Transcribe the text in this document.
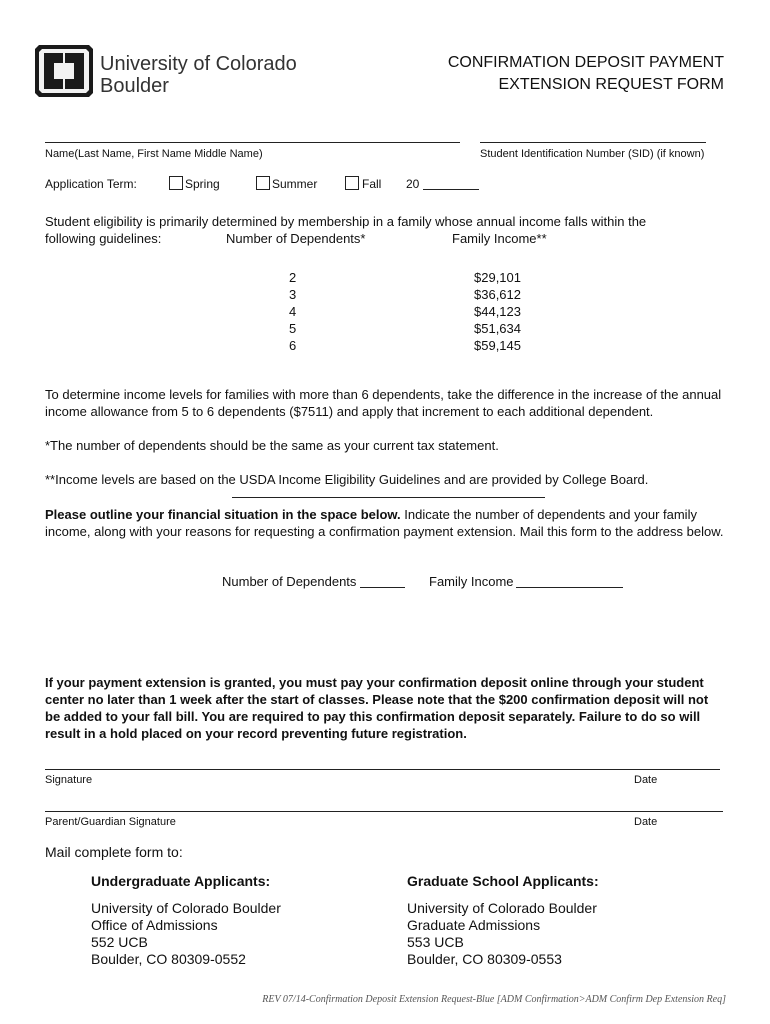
University of Colorado
Boulder
CONFIRMATION DEPOSIT PAYMENT
EXTENSION REQUEST FORM
Name(Last Name, First Name Middle Name)	Student Identification Number (SID) (if known)
Application Term:	Spring	Summer	Fall 20
Student eligibility is primarily determined by membership in a family whose annual income falls within the
following guidelines:	Number of Dependents*	Family Income**
2	$29,101
3	$36,612
4	$44,123
5	$51,634
6	$59,145
To determine income levels for families with more than 6 dependents, take the difference in the increase of the annual income allowance from 5 to 6 dependents ($7511) and apply that increment to each additional dependent.
*The number of dependents should be the same as your current tax statement.
**Income levels are based on the USDA Income Eligibility Guidelines and are provided by College Board.
Please outline your financial situation in the space below. Indicate the number of dependents and your family income, along with your reasons for requesting a confirmation payment extension. Mail this form to the address below.
Number of Dependents	Family Income
If your payment extension is granted, you must pay your confirmation deposit online through your student center no later than 1 week after the start of classes. Please note that the $200 confirmation deposit will not be added to your fall bill. You are required to pay this confirmation deposit separately. Failure to do so will result in a hold placed on your record preventing future registration.
Signature	Date
Parent/Guardian Signature	Date
Mail complete form to:
Undergraduate Applicants:
University of Colorado Boulder
Office of Admissions
552 UCB
Boulder, CO 80309-0552
Graduate School Applicants:
University of Colorado Boulder
Graduate Admissions
553 UCB
Boulder, CO 80309-0553
REV 07/14-Confirmation Deposit Extension Request-Blue [ADM Confirmation>ADM Confirm Dep Extension Req]
